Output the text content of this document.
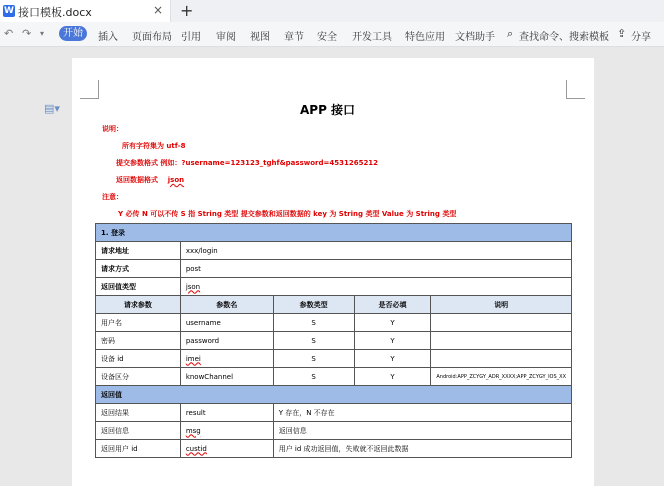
W 接口模板.docx	× +
↶ ↷ ▾	开始	插入 页面布局 引用 审阅 视图 章节 安全 开发工具 特色应用 文档助手 ⌕ 查找命令、搜索模板 ⇪ 分享
▤▾	APP 接口
说明：
所有字符集为 utf-8
提交参数格式 例如：?username=123123_tghf&password=4531265212
返回数据格式 json
注意：
Y 必传 N 可以不传 S 指 String 类型 提交参数和返回数据的 key 为 String 类型 Value 为 String 类型
1. 登录				
请求地址	xxx/login			
请求方式	post			
返回值类型	json			
请求参数	参数名	参数类型	是否必填	说明
用户名	username	S	Y	
密码	password	S	Y	
设备 id	imei	S	Y	
设备区分	knowChannel	S	Y	Android:APP_ZCYGY_ADR_XXXX;APP_ZCYGY_IOS_XX
返回值				
返回结果	result	Y 存在，N 不存在		
返回信息	msg	返回信息		
返回用户 id	custid	用户 id 成功返回值，失败就不返回此数据		
